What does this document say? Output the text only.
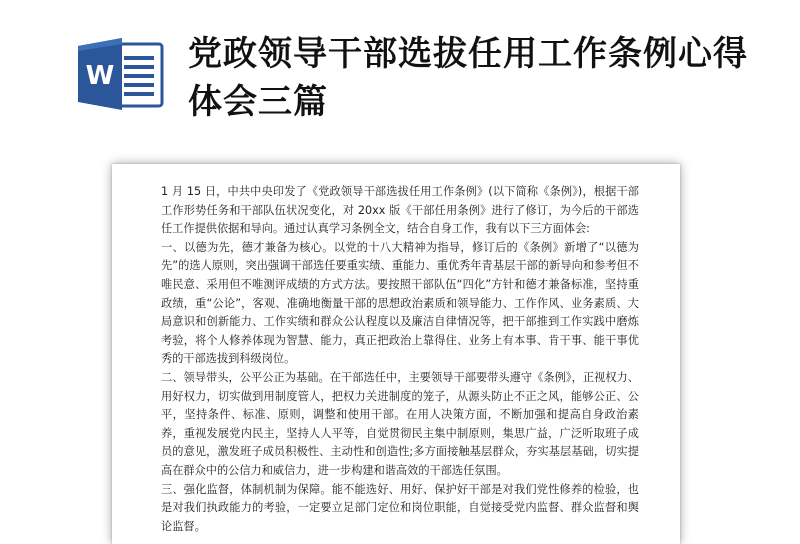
W
党政领导干部选拔任用工作条例心得体会三篇

1 月 15 日，中共中央印发了《党政领导干部选拔任用工作条例》(以下简称《条例》)，根据干部工作形势任务和干部队伍状况变化，对 20xx 版《干部任用条例》进行了修订，为今后的干部选任工作提供依据和导向。通过认真学习条例全文，结合自身工作，我有以下三方面体会:

一、以德为先，德才兼备为核心。以党的十八大精神为指导，修订后的《条例》新增了“以德为先”的选人原则，突出强调干部选任要重实绩、重能力、重优秀年青基层干部的新导向和参考但不唯民意、采用但不唯测评成绩的方式方法。要按照干部队伍“四化”方针和德才兼备标准，坚持重政绩，重“公论”，客观、准确地衡量干部的思想政治素质和领导能力、工作作风、业务素质、大局意识和创新能力、工作实绩和群众公认程度以及廉洁自律情况等，把干部推到工作实践中磨炼考验，将个人修养体现为智慧、能力，真正把政治上靠得住、业务上有本事、肯干事、能干事优秀的干部选拔到科级岗位。

二、领导带头，公平公正为基础。在干部选任中，主要领导干部要带头遵守《条例》，正视权力、用好权力，切实做到用制度管人，把权力关进制度的笼子，从源头防止不正之风，能够公正、公平，坚持条件、标准、原则，调整和使用干部。在用人决策方面，不断加强和提高自身政治素养，重视发展党内民主，坚持人人平等，自觉贯彻民主集中制原则，集思广益，广泛听取班子成员的意见，激发班子成员积极性、主动性和创造性;多方面接触基层群众，夯实基层基础，切实提高在群众中的公信力和威信力，进一步构建和谐高效的干部选任氛围。

三、强化监督，体制机制为保障。能不能选好、用好、保护好干部是对我们党性修养的检验，也是对我们执政能力的考验，一定要立足部门定位和岗位职能，自觉接受党内监督、群众监督和舆论监督。
